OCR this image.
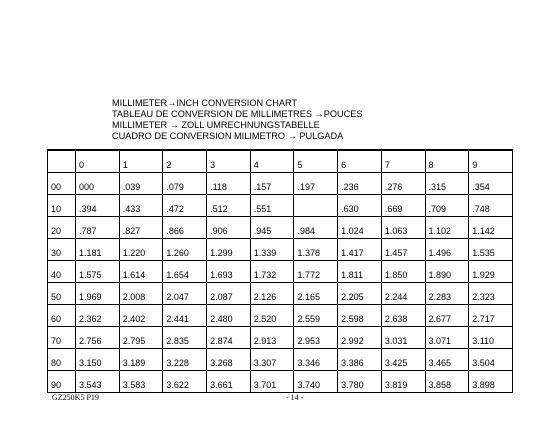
MILLIMETER→INCH CONVERSION CHART
TABLEAU DE CONVERSION DE MILLIMETRES →POUCES
MILLIMETER → ZOLL UMRECHNUNGSTABELLE
CUADRO DE CONVERSION MILIMETRO → PULGADA
	0	1	2	3	4	5	6	7	8	9
00	000	.039	.079	.118	.157	.197	.236	.276	.315	.354
10	.394	.433	.472	.512	.551		.630	.669	.709	.748
20	.787	.827	.866	.906	.945	.984	1.024	1.063	1.102	1.142
30	1.181	1.220	1.260	1.299	1.339	1.378	1.417	1.457	1.496	1.535
40	1.575	1.614	1.654	1.693	1.732	1.772	1.811	1.850	1.890	1.929
50	1.969	2.008	2.047	2.087	2.126	2.165	2.205	2.244	2.283	2.323
60	2.362	2.402	2.441	2.480	2.520	2.559	2.598	2.638	2.677	2.717
70	2.756	2.795	2.835	2.874	2.913	2.953	2.992	3.031	3.071	3.110
80	3.150	3.189	3.228	3.268	3.307	3.346	3.386	3.425	3.465	3.504
90	3.543	3.583	3.622	3.661	3.701	3.740	3.780	3.819	3.858	3.898
GZ250K5 P19	- 14 -
